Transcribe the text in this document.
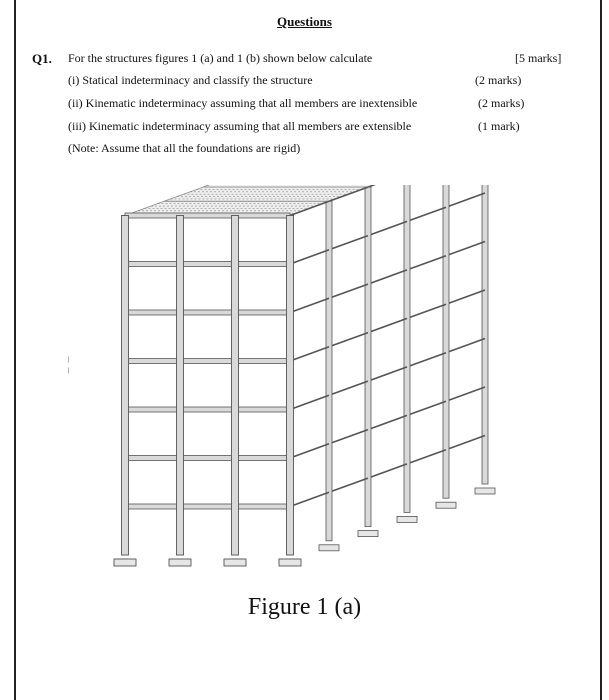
Questions
Q1. For the structures figures 1 (a) and 1 (b) shown below calculate	[5 marks]
(i) Statical indeterminacy and classify the structure	(2 marks)
(ii) Kinematic indeterminacy assuming that all members are inextensible	(2 marks)
(iii) Kinematic indeterminacy assuming that all members are extensible	(1 mark)
(Note: Assume that all the foundations are rigid)
Figure 1 (a)
